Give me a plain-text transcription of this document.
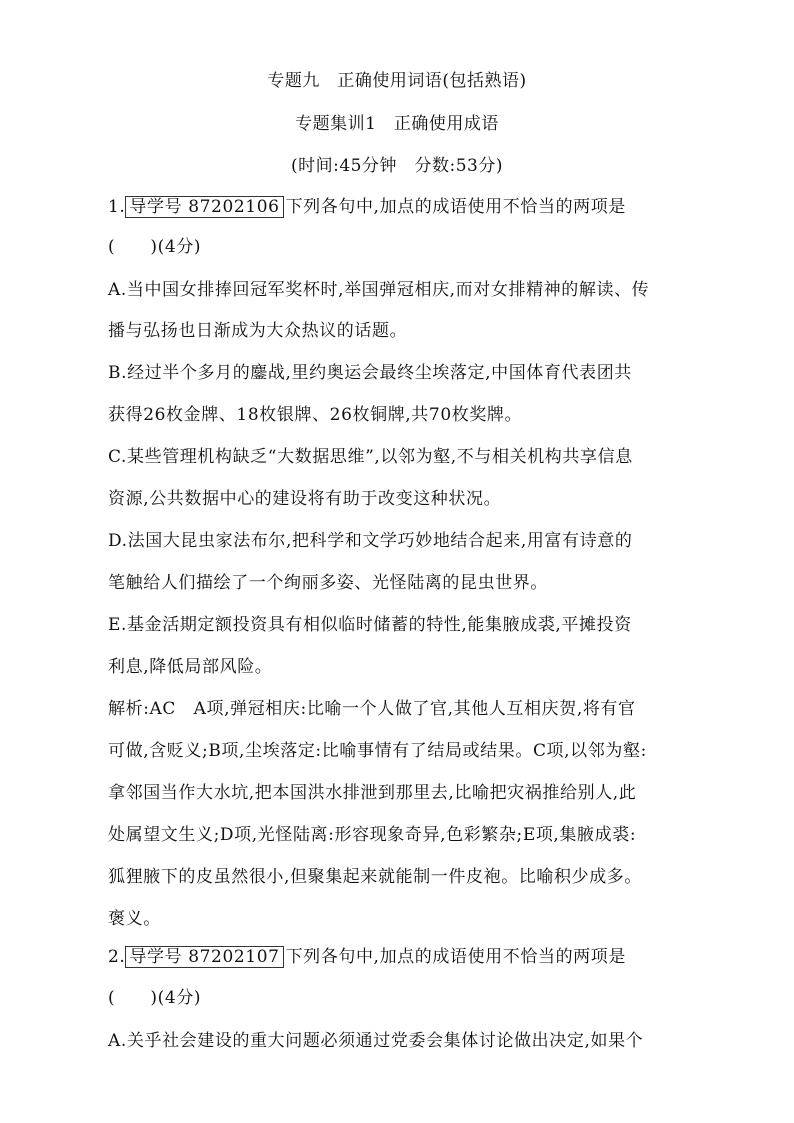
专题九　正确使用词语(包括熟语)
专题集训1　正确使用成语
(时间:45分钟　分数:53分)
1. 导学号 87202106 下列各句中,加点的成语使用不恰当的两项是
(　　)(4分)
A.当中国女排捧回冠军奖杯时,举国弹冠相庆,而对女排精神的解读、传
播与弘扬也日渐成为大众热议的话题。
B.经过半个多月的鏖战,里约奥运会最终尘埃落定,中国体育代表团共
获得26枚金牌、18枚银牌、26枚铜牌,共70枚奖牌。
C.某些管理机构缺乏“大数据思维”,以邻为壑,不与相关机构共享信息
资源,公共数据中心的建设将有助于改变这种状况。
D.法国大昆虫家法布尔,把科学和文学巧妙地结合起来,用富有诗意的
笔触给人们描绘了一个绚丽多姿、光怪陆离的昆虫世界。
E.基金活期定额投资具有相似临时储蓄的特性,能集腋成裘,平摊投资
利息,降低局部风险。
解析:AC　A项,弹冠相庆:比喻一个人做了官,其他人互相庆贺,将有官
可做,含贬义;B项,尘埃落定:比喻事情有了结局或结果。C项,以邻为壑:
拿邻国当作大水坑,把本国洪水排泄到那里去,比喻把灾祸推给别人,此
处属望文生义;D项,光怪陆离:形容现象奇异,色彩繁杂;E项,集腋成裘:
狐狸腋下的皮虽然很小,但聚集起来就能制一件皮袍。比喻积少成多。
褒义。
2. 导学号 87202107 下列各句中,加点的成语使用不恰当的两项是
(　　)(4分)
A.关乎社会建设的重大问题必须通过党委会集体讨论做出决定,如果个
